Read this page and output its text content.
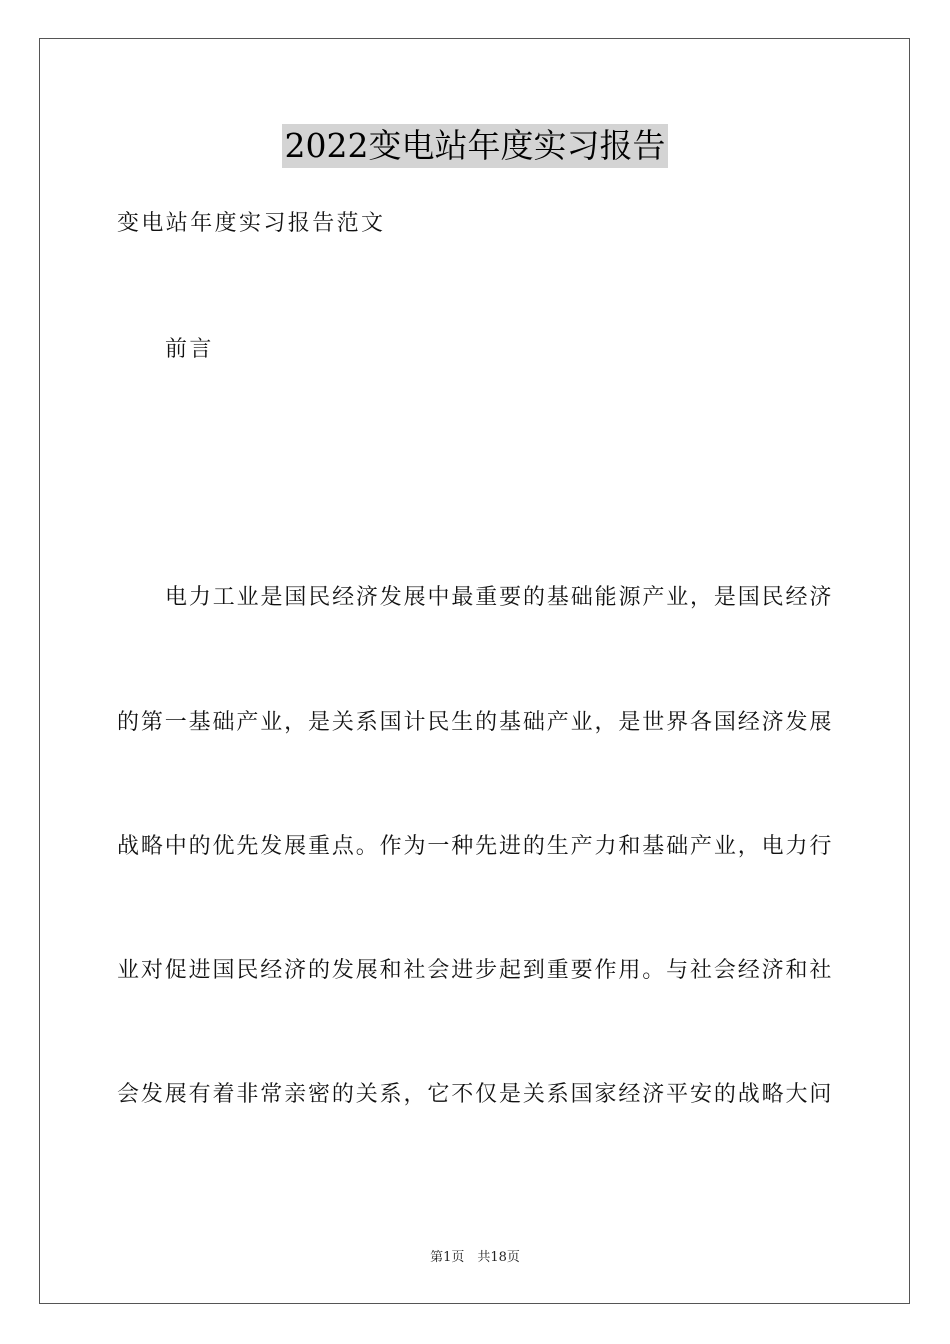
2022变电站年度实习报告
变电站年度实习报告范文
前言
电力工业是国民经济发展中最重要的基础能源产业，是国民经济
的第一基础产业，是关系国计民生的基础产业，是世界各国经济发展
战略中的优先发展重点。作为一种先进的生产力和基础产业，电力行
业对促进国民经济的发展和社会进步起到重要作用。与社会经济和社
会发展有着非常亲密的关系，它不仅是关系国家经济平安的战略大问
第1页　共18页
